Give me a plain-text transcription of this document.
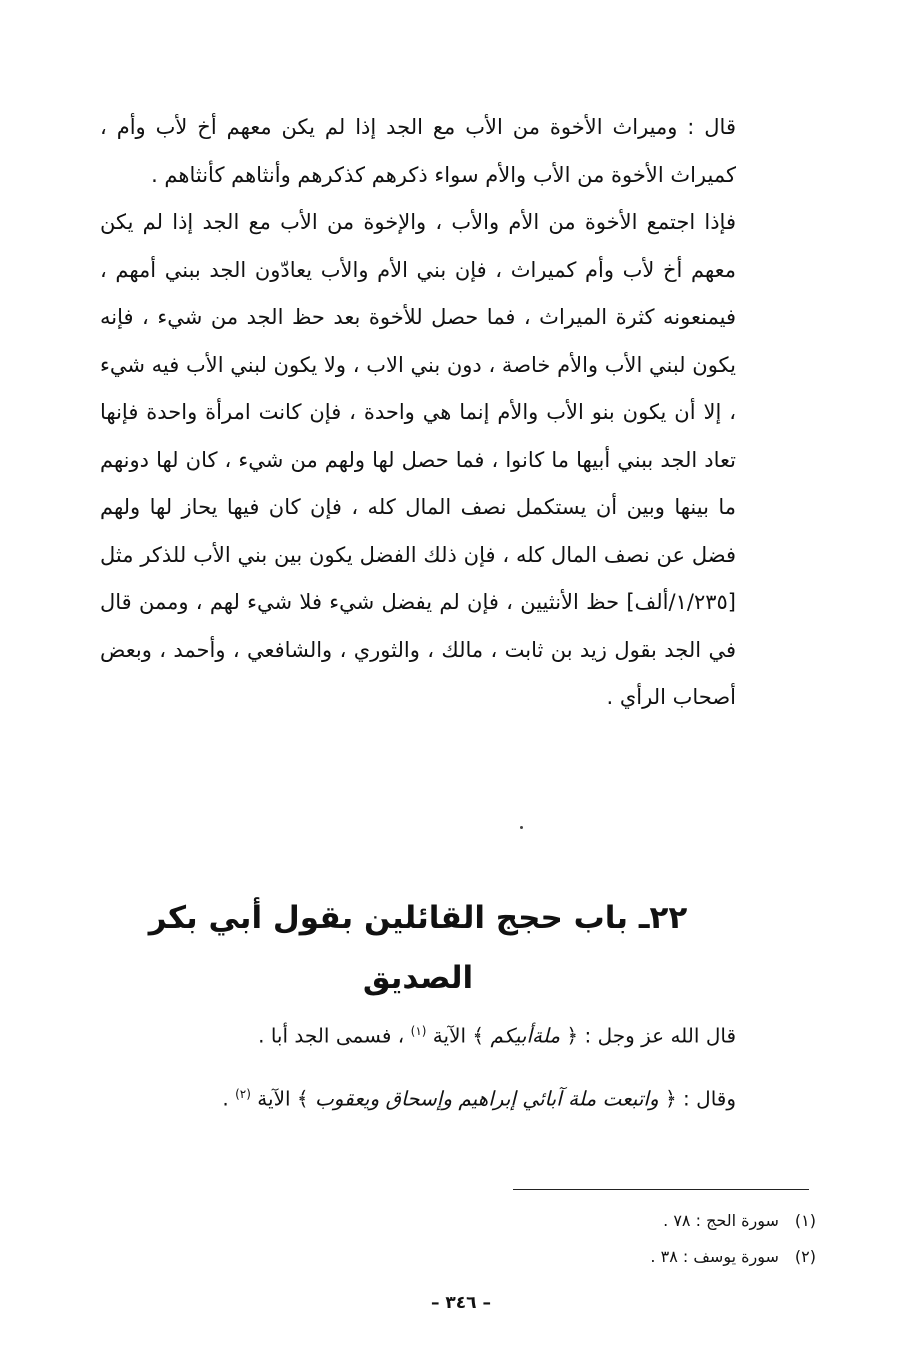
قال : وميراث الأخوة من الأب مع الجد إذا لم يكن معهم أخ لأب وأم ، كميراث الأخوة من الأب والأم سواء ذكرهم كذكرهم وأنثاهم كأنثاهم .

فإذا اجتمع الأخوة من الأم والأب ، والإخوة من الأب مع الجد إذا لم يكن معهم أخ لأب وأم كميراث ، فإن بني الأم والأب يعادّون الجد ببني أمهم ، فيمنعونه كثرة الميراث ، فما حصل للأخوة بعد حظ الجد من شيء ، فإنه يكون لبني الأب والأم خاصة ، دون بني الاب ، ولا يكون لبني الأب فيه شيء ، إلا أن يكون بنو الأب والأم إنما هي واحدة ، فإن كانت امرأة واحدة فإنها تعاد الجد ببني أبيها ما كانوا ، فما حصل لها ولهم من شيء ، كان لها دونهم ما بينها وبين أن يستكمل نصف المال كله ، فإن كان فيها يحاز لها ولهم فضل عن نصف المال كله ، فإن ذلك الفضل يكون بين بني الأب للذكر مثل [١/٢٣٥/ألف] حظ الأنثيين ، فإن لم يفضل شيء فلا شيء لهم ، وممن قال في الجد بقول زيد بن ثابت ، مالك ، والثوري ، والشافعي ، وأحمد ، وبعض أصحاب الرأي .

٢٢ـ باب حجج القائلين بقول أبي بكر الصديق

قال الله عز وجل : ﴿ ملةأبيكم ﴾ الآية $^{(١)}$ ، فسمى الجد أبا .

وقال : ﴿ واتبعت ملة آبائي إبراهيم وإسحاق ويعقوب ﴾ الآية $^{(٢)}$ .

(١)سورة الحج : ٧٨ .
(٢)سورة يوسف : ٣٨ .
– ٣٤٦ –
